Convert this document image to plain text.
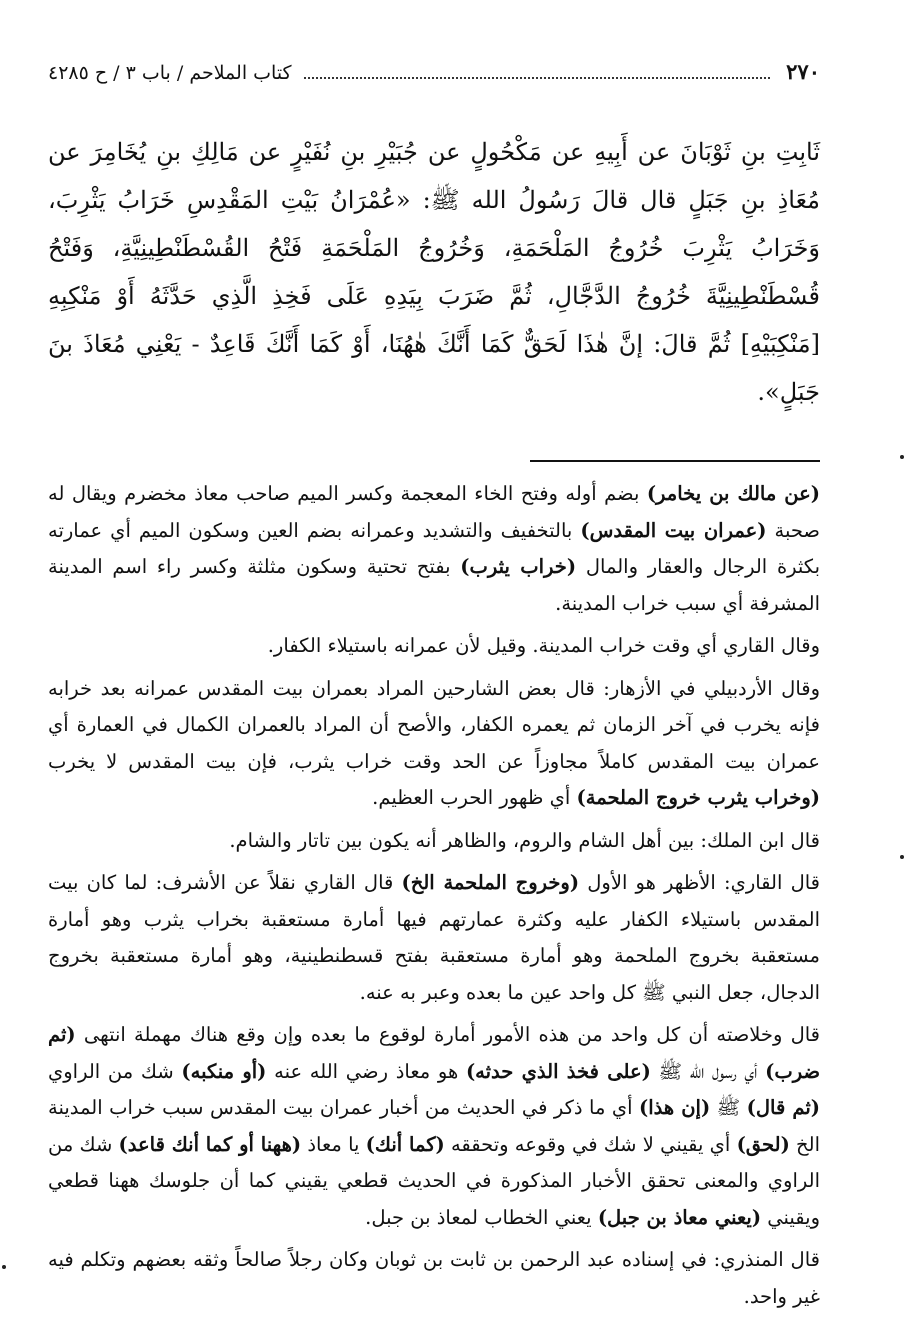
٢٧٠
كتاب الملاحم / باب ٣ / ح ٤٢٨٥
ثَابِتِ بنِ ثَوْبَانَ عن أَبِيهِ عن مَكْحُولٍ عن جُبَيْرِ بنِ نُفَيْرٍ عن مَالِكِ بنِ يُخَامِرَ عن مُعَاذِ بنِ جَبَلٍ قال قالَ رَسُولُ الله ﷺ: «عُمْرَانُ بَيْتِ المَقْدِسِ خَرَابُ يَثْرِبَ، وَخَرَابُ يَثْرِبَ خُرُوجُ المَلْحَمَةِ، وَخُرُوجُ المَلْحَمَةِ فَتْحُ القُسْطَنْطِينِيَّةِ، وَفَتْحُ قُسْطَنْطِينِيَّةَ خُرُوجُ الدَّجَّالِ، ثُمَّ ضَرَبَ بِيَدِهِ عَلَى فَخِذِ الَّذِي حَدَّثَهُ أَوْ مَنْكِبِهِ [مَنْكِبَيْهِ] ثُمَّ قالَ: إنَّ هٰذَا لَحَقٌّ كَمَا أَنَّكَ هٰهُنَا، أَوْ كَمَا أَنَّكَ قَاعِدٌ - يَعْنِي مُعَاذَ بنَ جَبَلٍ».

(عن مالك بن يخامر) بضم أوله وفتح الخاء المعجمة وكسر الميم صاحب معاذ مخضرم ويقال له صحبة (عمران بيت المقدس) بالتخفيف والتشديد وعمرانه بضم العين وسكون الميم أي عمارته بكثرة الرجال والعقار والمال (خراب يثرب) بفتح تحتية وسكون مثلثة وكسر راء اسم المدينة المشرفة أي سبب خراب المدينة.

وقال القاري أي وقت خراب المدينة. وقيل لأن عمرانه باستيلاء الكفار.

وقال الأردبيلي في الأزهار: قال بعض الشارحين المراد بعمران بيت المقدس عمرانه بعد خرابه فإنه يخرب في آخر الزمان ثم يعمره الكفار، والأصح أن المراد بالعمران الكمال في العمارة أي عمران بيت المقدس كاملاً مجاوزاً عن الحد وقت خراب يثرب، فإن بيت المقدس لا يخرب (وخراب يثرب خروج الملحمة) أي ظهور الحرب العظيم.

قال ابن الملك: بين أهل الشام والروم، والظاهر أنه يكون بين تاتار والشام.

قال القاري: الأظهر هو الأول (وخروج الملحمة الخ) قال القاري نقلاً عن الأشرف: لما كان بيت المقدس باستيلاء الكفار عليه وكثرة عمارتهم فيها أمارة مستعقبة بخراب يثرب وهو أمارة مستعقبة بخروج الملحمة وهو أمارة مستعقبة بفتح قسطنطينية، وهو أمارة مستعقبة بخروج الدجال، جعل النبي ﷺ كل واحد عين ما بعده وعبر به عنه.

قال وخلاصته أن كل واحد من هذه الأمور أمارة لوقوع ما بعده وإن وقع هناك مهملة انتهى (ثم ضرب) أي رسول الله ﷺ (على فخذ الذي حدثه) هو معاذ رضي الله عنه (أو منكبه) شك من الراوي (ثم قال) ﷺ (إن هذا) أي ما ذكر في الحديث من أخبار عمران بيت المقدس سبب خراب المدينة الخ (لحق) أي يقيني لا شك في وقوعه وتحققه (كما أنك) يا معاذ (ههنا أو كما أنك قاعد) شك من الراوي والمعنى تحقق الأخبار المذكورة في الحديث قطعي يقيني كما أن جلوسك ههنا قطعي ويقيني (يعني معاذ بن جبل) يعني الخطاب لمعاذ بن جبل.

قال المنذري: في إسناده عبد الرحمن بن ثابت بن ثوبان وكان رجلاً صالحاً وثقه بعضهم وتكلم فيه غير واحد.
